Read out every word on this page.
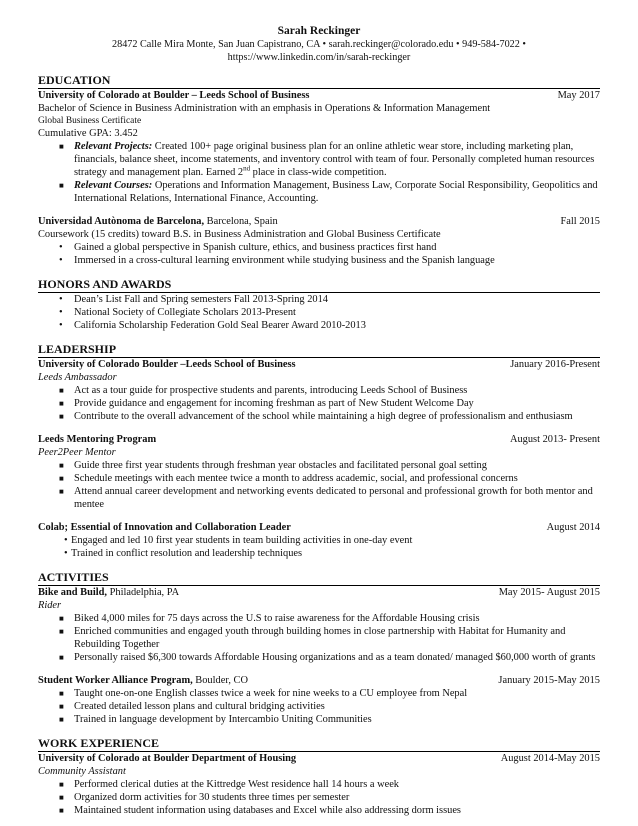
Sarah Reckinger
28472 Calle Mira Monte, San Juan Capistrano, CA • sarah.reckinger@colorado.edu • 949-584-7022 •
https://www.linkedin.com/in/sarah-reckinger
EDUCATION
University of Colorado at Boulder – Leeds School of Business	May 2017
Bachelor of Science in Business Administration with an emphasis in Operations & Information Management
Global Business Certificate
Cumulative GPA: 3.452
■ Relevant Projects: Created 100+ page original business plan for an online athletic wear store, including marketing plan, financials, balance sheet, income statements, and inventory control with team of four. Personally completed human resources strategy and management plan. Earned 2nd place in class-wide competition.
■ Relevant Courses: Operations and Information Management, Business Law, Corporate Social Responsibility, Geopolitics and International Relations, International Finance, Accounting.
Universidad Autònoma de Barcelona, Barcelona, Spain	Fall 2015
Coursework (15 credits) toward B.S. in Business Administration and Global Business Certificate
• Gained a global perspective in Spanish culture, ethics, and business practices first hand
• Immersed in a cross-cultural learning environment while studying business and the Spanish language
HONORS AND AWARDS
• Dean’s List Fall and Spring semesters Fall 2013-Spring 2014
• National Society of Collegiate Scholars 2013-Present
• California Scholarship Federation Gold Seal Bearer Award 2010-2013
LEADERSHIP
University of Colorado Boulder –Leeds School of Business	January 2016-Present
Leeds Ambassador
■ Act as a tour guide for prospective students and parents, introducing Leeds School of Business
■ Provide guidance and engagement for incoming freshman as part of New Student Welcome Day
■ Contribute to the overall advancement of the school while maintaining a high degree of professionalism and enthusiasm
Leeds Mentoring Program	August 2013- Present
Peer2Peer Mentor
■ Guide three first year students through freshman year obstacles and facilitated personal goal setting
■ Schedule meetings with each mentee twice a month to address academic, social, and professional concerns
■ Attend annual career development and networking events dedicated to personal and professional growth for both mentor and mentee
Colab; Essential of Innovation and Collaboration Leader	August 2014
• Engaged and led 10 first year students in team building activities in one-day event
• Trained in conflict resolution and leadership techniques
ACTIVITIES
Bike and Build, Philadelphia, PA	May 2015- August 2015
Rider
■ Biked 4,000 miles for 75 days across the U.S to raise awareness for the Affordable Housing crisis
■ Enriched communities and engaged youth through building homes in close partnership with Habitat for Humanity and Rebuilding Together
■ Personally raised $6,300 towards Affordable Housing organizations and as a team donated/ managed $60,000 worth of grants
Student Worker Alliance Program, Boulder, CO	January 2015-May 2015
■ Taught one-on-one English classes twice a week for nine weeks to a CU employee from Nepal
■ Created detailed lesson plans and cultural bridging activities
■ Trained in language development by Intercambio Uniting Communities
WORK EXPERIENCE
University of Colorado at Boulder Department of Housing	August 2014-May 2015
Community Assistant
■ Performed clerical duties at the Kittredge West residence hall 14 hours a week
■ Organized dorm activities for 30 students three times per semester
■ Maintained student information using databases and Excel while also addressing dorm issues
